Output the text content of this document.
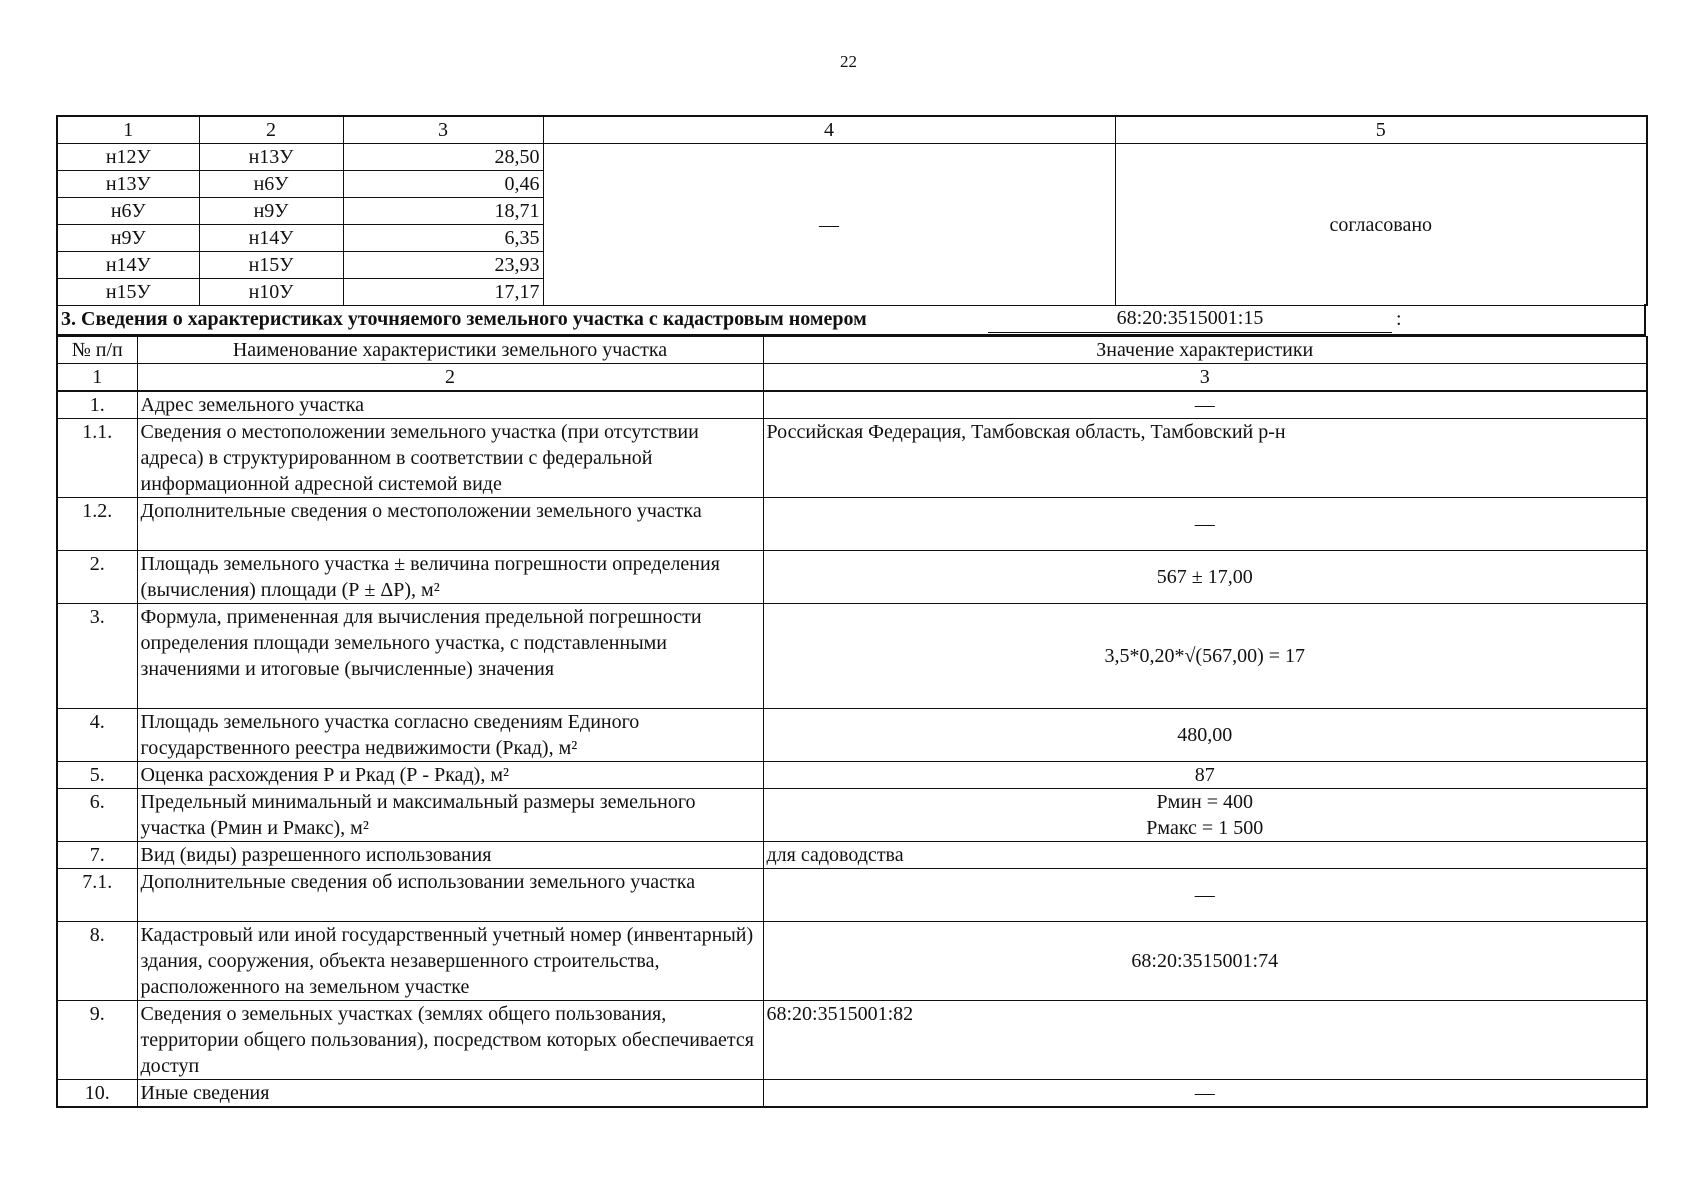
22
1	2	3	4	5
н12У	н13У	28,50	—	согласовано
н13У	н6У	0,46		
н6У	н9У	18,71		
н9У	н14У	6,35		
н14У	н15У	23,93		
н15У	н10У	17,17		
3. Сведения о характеристиках уточняемого земельного участка с кадастровым номером	68:20:3515001:15	:
№ п/п	Наименование характеристики земельного участка	Значение характеристики
1	2	3
1.	Адрес земельного участка	—
1.1.	Сведения о местоположении земельного участка (при отсутствии адреса) в структурированном в соответствии с федеральной информационной адресной системой виде	Российская Федерация, Тамбовская область, Тамбовский р-н
1.2.	Дополнительные сведения о местоположении земельного участка	—
2.	Площадь земельного участка ± величина погрешности определения (вычисления) площади (Р ± ΔР), м²	567 ± 17,00
3.	Формула, примененная для вычисления предельной погрешности определения площади земельного участка, с подставленными значениями и итоговые (вычисленные) значения	3,5*0,20*√(567,00) = 17
4.	Площадь земельного участка согласно сведениям Единого государственного реестра недвижимости (Ркад), м²	480,00
5.	Оценка расхождения Р и Ркад (Р - Ркад), м²	87
6.	Предельный минимальный и максимальный размеры земельного участка (Рмин и Рмакс), м²	Рмин = 400
Рмакс = 1 500

7.	Вид (виды) разрешенного использования	для садоводства
7.1.	Дополнительные сведения об использовании земельного участка	—
8.	Кадастровый или иной государственный учетный номер (инвентарный) здания, сооружения, объекта незавершенного строительства, расположенного на земельном участке	68:20:3515001:74
9.	Сведения о земельных участках (землях общего пользования, территории общего пользования), посредством которых обеспечивается доступ	68:20:3515001:82
10.	Иные сведения	—
